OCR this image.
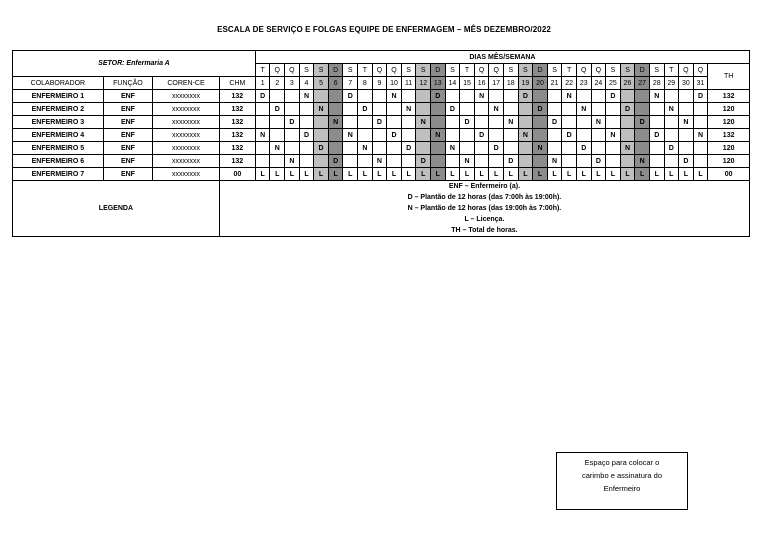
ESCALA DE SERVIÇO E FOLGAS EQUIPE DE ENFERMAGEM – MÊS DEZEMBRO/2022
SETOR: Enfermaria A				DIAS MÊS/SEMANA																															
				T	Q	Q	S	S	D	S	T	Q	Q	S	S	D	S	T	Q	Q	S	S	D	S	T	Q	Q	S	S	D	S	T	Q	Q	TH
COLABORADOR	FUNÇÃO	COREN-CE	CHM	1	2	3	4	5	6	7	8	9	10	11	12	13	14	15	16	17	18	19	20	21	22	23	24	25	26	27	28	29	30	31	
ENFERMEIRO 1	ENF	xxxxxxxx	132	D			N			D			N			D			N			D			N			D			N			D	132
ENFERMEIRO 2	ENF	xxxxxxxx	132		D			N			D			N			D			N			D			N			D			N			120
ENFERMEIRO 3	ENF	xxxxxxxx	132			D			N			D			N			D			N			D			N			D			N		120
ENFERMEIRO 4	ENF	xxxxxxxx	132	N			D			N			D			N			D			N			D			N			D			N	132
ENFERMEIRO 5	ENF	xxxxxxxx	132		N			D			N			D			N			D			N			D			N			D			120
ENFERMEIRO 6	ENF	xxxxxxxx	132			N			D			N			D			N			D			N			D			N			D		120
ENFERMEIRO 7	ENF	xxxxxxxx	00	L	L	L	L	L	L	L	L	L	L	L	L	L	L	L	L	L	L	L	L	L	L	L	L	L	L	L	L	L	L	L	00
LEGENDA			ENF – Enfermeiro (a).
D – Plantão de 12 horas (das 7:00h às 19:00h).
N – Plantão de 12 horas (das 19:00h às 7:00h).
L – Licença.
TH – Total de horas.																																
Espaço para colocar o
carimbo e assinatura do
Enfermeiro
